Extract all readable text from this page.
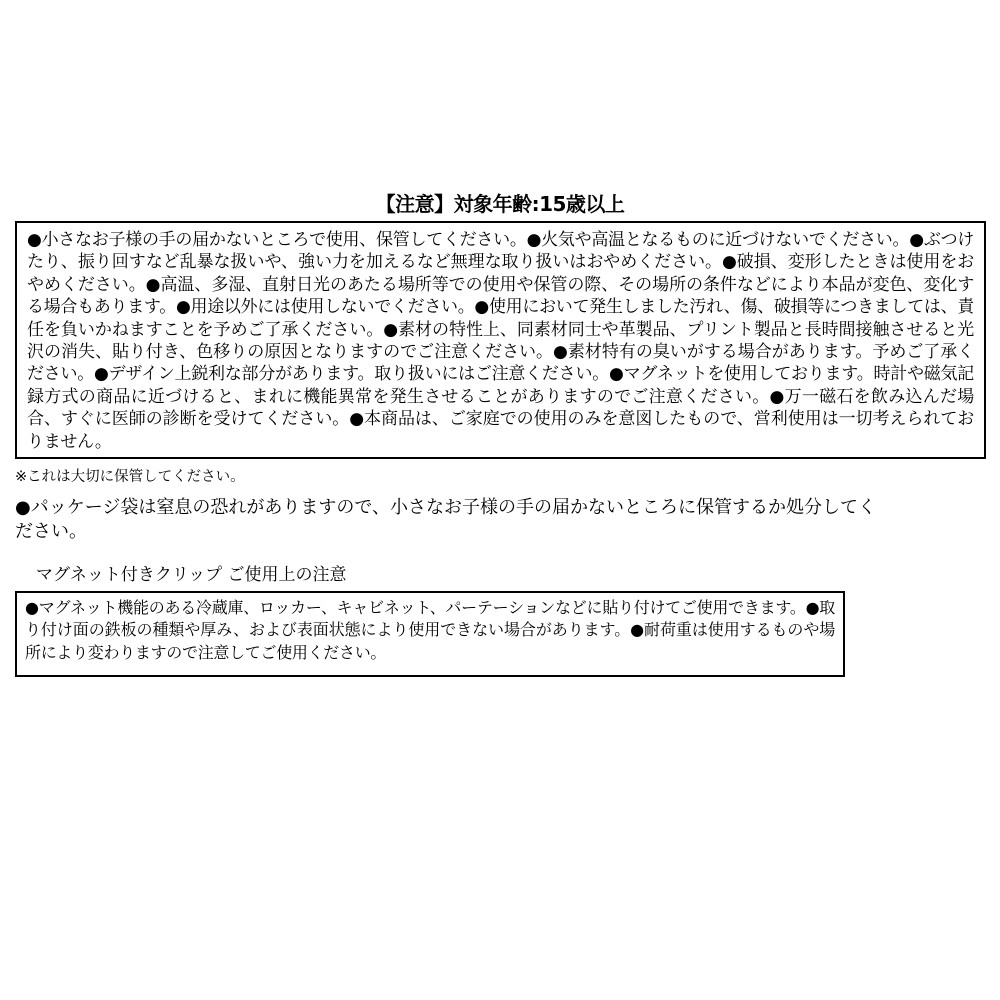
【注意】対象年齢:15歳以上
●小さなお子様の手の届かないところで使用、保管してください。●火気や高温となるものに近づけないでください。●ぶつけたり、振り回すなど乱暴な扱いや、強い力を加えるなど無理な取り扱いはおやめください。●破損、変形したときは使用をおやめください。●高温、多湿、直射日光のあたる場所等での使用や保管の際、その場所の条件などにより本品が変色、変化する場合もあります。●用途以外には使用しないでください。●使用において発生しました汚れ、傷、破損等につきましては、責任を負いかねますことを予めご了承ください。●素材の特性上、同素材同士や革製品、プリント製品と長時間接触させると光沢の消失、貼り付き、色移りの原因となりますのでご注意ください。●素材特有の臭いがする場合があります。予めご了承ください。●デザイン上鋭利な部分があります。取り扱いにはご注意ください。●マグネットを使用しております。時計や磁気記録方式の商品に近づけると、まれに機能異常を発生させることがありますのでご注意ください。●万一磁石を飲み込んだ場合、すぐに医師の診断を受けてください。●本商品は、ご家庭での使用のみを意図したもので、営利使用は一切考えられておりません。
※これは大切に保管してください。
●パッケージ袋は窒息の恐れがありますので、小さなお子様の手の届かないところに保管するか処分してください。
マグネット付きクリップ ご使用上の注意
●マグネット機能のある冷蔵庫、ロッカー、キャビネット、パーテーションなどに貼り付けてご使用できます。●取り付け面の鉄板の種類や厚み、および表面状態により使用できない場合があります。●耐荷重は使用するものや場所により変わりますので注意してご使用ください。
